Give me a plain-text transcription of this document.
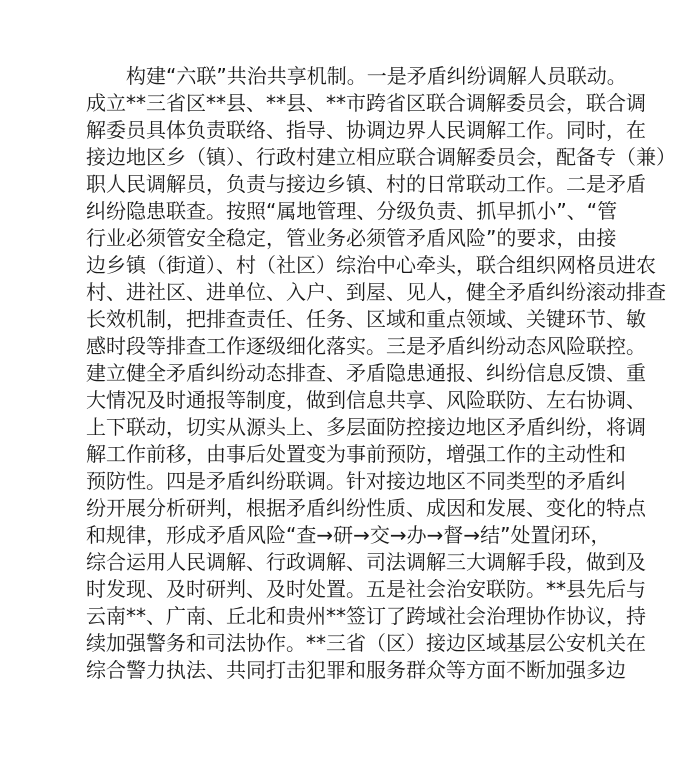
构建“六联”共治共享机制。一是矛盾纠纷调解人员联动。
成立**三省区**县、**县、**市跨省区联合调解委员会，联合调
解委员具体负责联络、指导、协调边界人民调解工作。同时，在
接边地区乡（镇）、行政村建立相应联合调解委员会，配备专（兼）
职人民调解员，负责与接边乡镇、村的日常联动工作。二是矛盾
纠纷隐患联查。按照“属地管理、分级负责、抓早抓小”、“管
行业必须管安全稳定，管业务必须管矛盾风险”的要求，由接
边乡镇（街道）、村（社区）综治中心牵头，联合组织网格员进农
村、进社区、进单位、入户、到屋、见人，健全矛盾纠纷滚动排查
长效机制，把排查责任、任务、区域和重点领域、关键环节、敏
感时段等排查工作逐级细化落实。三是矛盾纠纷动态风险联控。
建立健全矛盾纠纷动态排查、矛盾隐患通报、纠纷信息反馈、重
大情况及时通报等制度，做到信息共享、风险联防、左右协调、
上下联动，切实从源头上、多层面防控接边地区矛盾纠纷，将调
解工作前移，由事后处置变为事前预防，增强工作的主动性和
预防性。四是矛盾纠纷联调。针对接边地区不同类型的矛盾纠
纷开展分析研判，根据矛盾纠纷性质、成因和发展、变化的特点
和规律，形成矛盾风险“查→研→交→办→督→结”处置闭环，
综合运用人民调解、行政调解、司法调解三大调解手段，做到及
时发现、及时研判、及时处置。五是社会治安联防。**县先后与
云南**、广南、丘北和贵州**签订了跨域社会治理协作协议，持
续加强警务和司法协作。**三省（区）接边区域基层公安机关在
综合警力执法、共同打击犯罪和服务群众等方面不断加强多边
